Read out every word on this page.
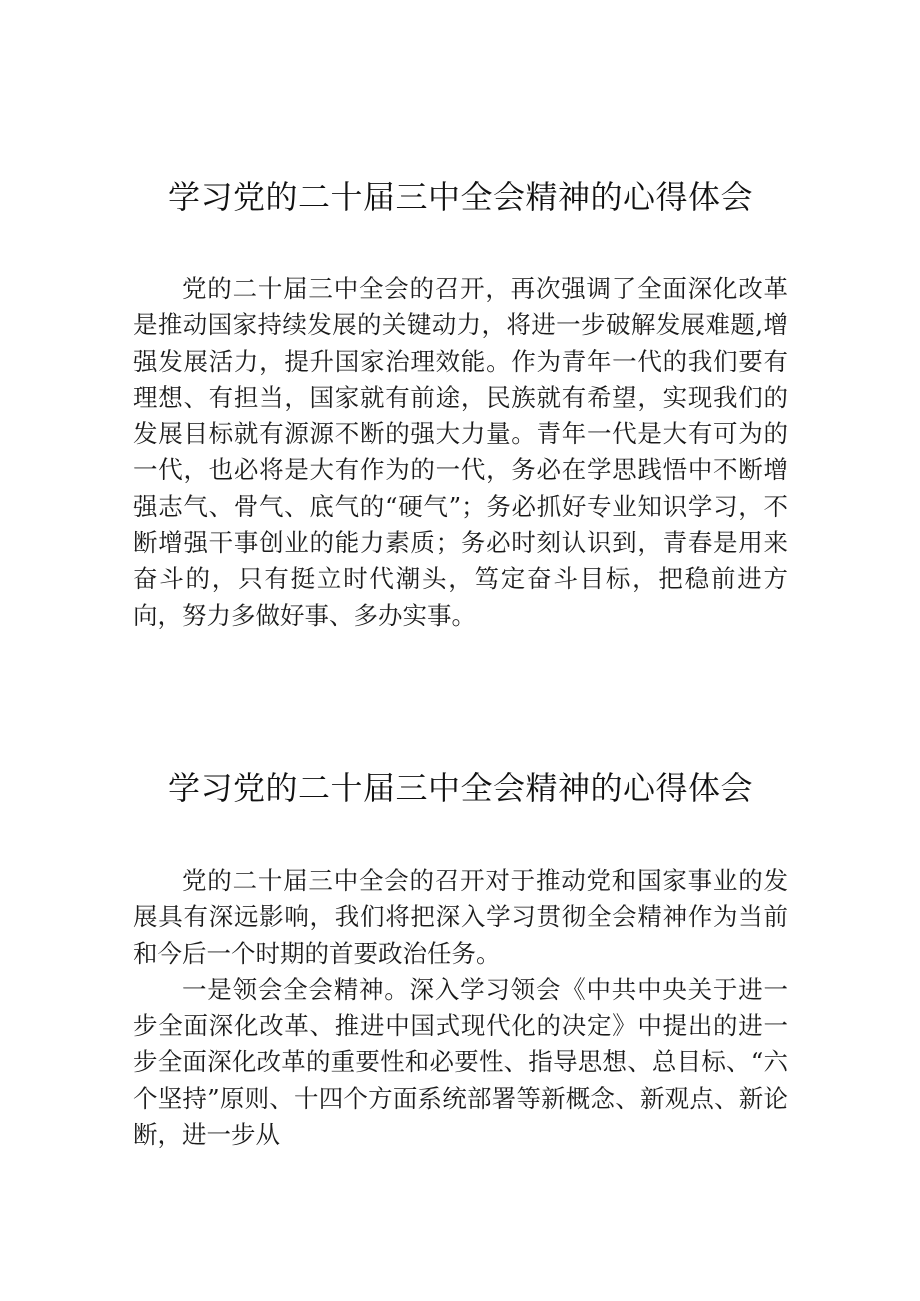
学习党的二十届三中全会精神的心得体会

党的二十届三中全会的召开，再次强调了全面深化改革是推动国家持续发展的关键动力，将进一步破解发展难题,增强发展活力，提升国家治理效能。作为青年一代的我们要有理想、有担当，国家就有前途，民族就有希望，实现我们的发展目标就有源源不断的强大力量。青年一代是大有可为的一代，也必将是大有作为的一代，务必在学思践悟中不断增强志气、骨气、底气的“硬气”；务必抓好专业知识学习，不断增强干事创业的能力素质；务必时刻认识到，青春是用来奋斗的，只有挺立时代潮头，笃定奋斗目标，把稳前进方向，努力多做好事、多办实事。

学习党的二十届三中全会精神的心得体会

党的二十届三中全会的召开对于推动党和国家事业的发展具有深远影响，我们将把深入学习贯彻全会精神作为当前和今后一个时期的首要政治任务。

一是领会全会精神。深入学习领会《中共中央关于进一步全面深化改革、推进中国式现代化的决定》中提出的进一步全面深化改革的重要性和必要性、指导思想、总目标、“六个坚持”原则、十四个方面系统部署等新概念、新观点、新论断，进一步从
